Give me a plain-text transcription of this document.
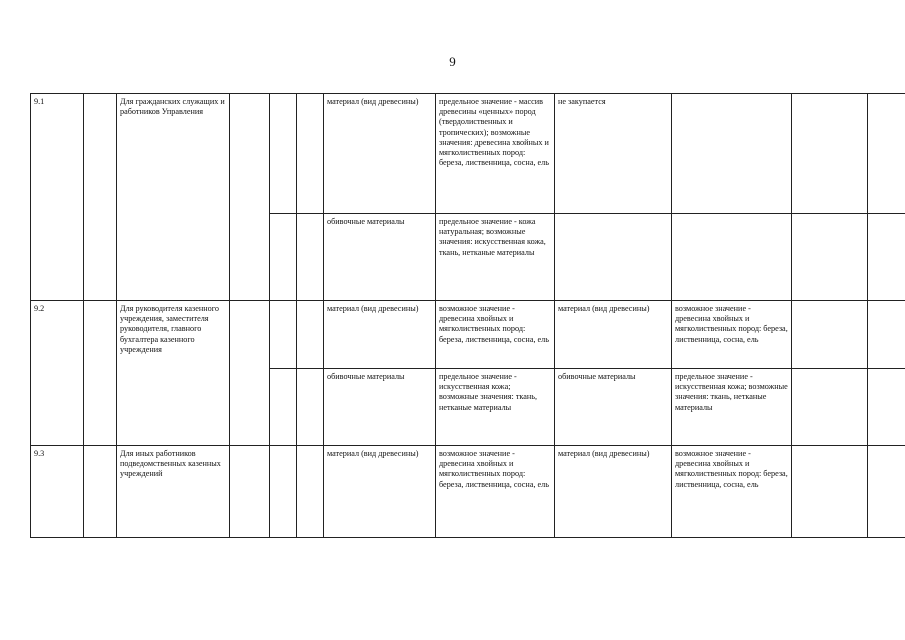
9
9.1		Для гражданских служащих и работников Управления				материал (вид древесины)	предельное значение - массив древесины «ценных» пород (твердолиственных и тропических); возможные значения: древесина хвойных и мягколиственных пород: береза, лиственница, сосна, ель	не закупается				
						обивочные материалы	предельное значение - кожа натуральная; возможные значения: искусственная кожа, ткань, нетканые материалы					
9.2		Для руководителя казенного учреждения, заместителя руководителя, главного бухгалтера казенного учреждения				материал (вид древесины)	возможное значение - древесина хвойных и мягколиственных пород: береза, лиственница, сосна, ель	материал (вид древесины)	возможное значение - древесина хвойных и мягколиственных пород: береза, лиственница, сосна, ель			
						обивочные материалы	предельное значение - искусственная кожа; возможные значения: ткань, нетканые материалы	обивочные материалы	предельное значение - искусственная кожа; возможные значения: ткань, нетканые материалы			
9.3		Для иных работников подведомственных казенных учреждений				материал (вид древесины)	возможное значение - древесина хвойных и мягколиственных пород: береза, лиственница, сосна, ель	материал (вид древесины)	возможное значение - древесина хвойных и мягколиственных пород: береза, лиственница, сосна, ель			
